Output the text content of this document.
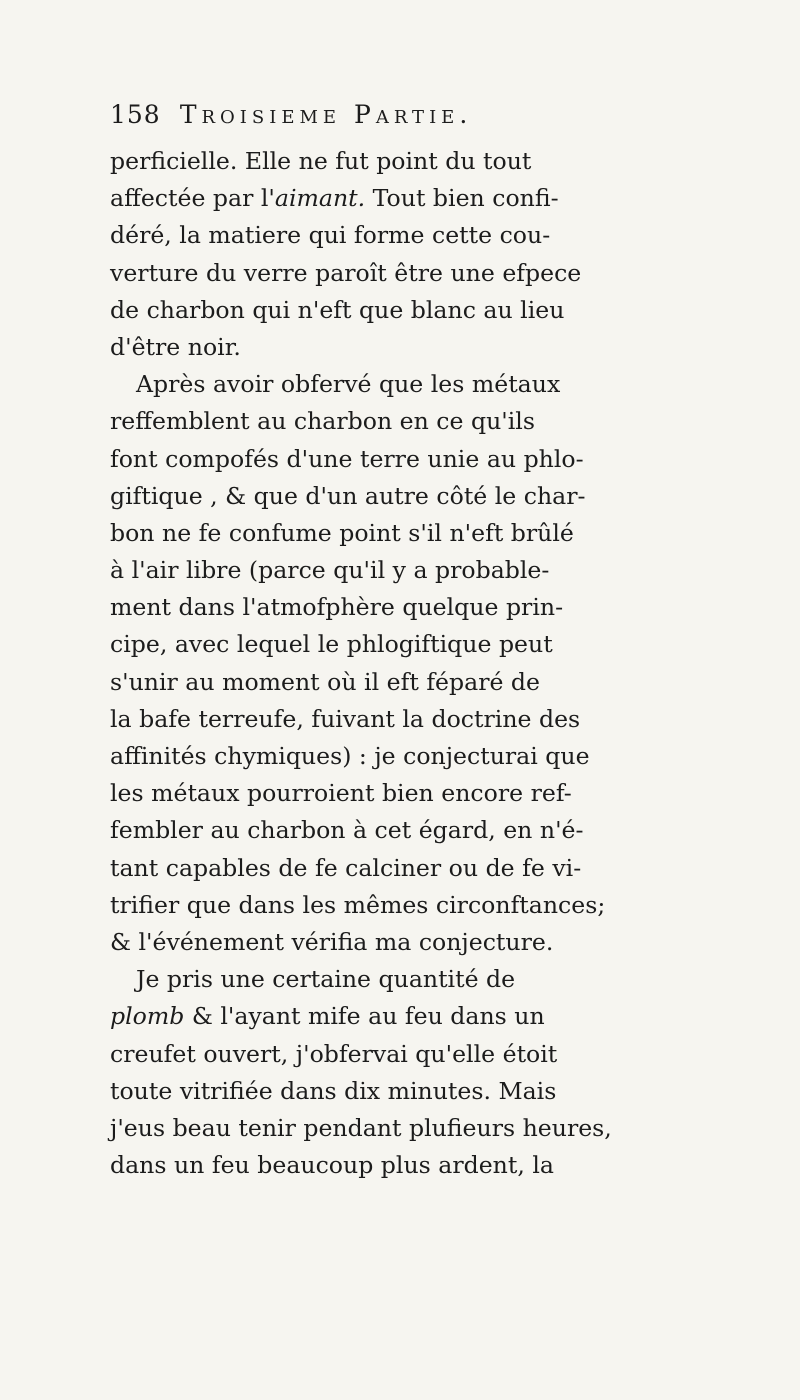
158 Troisieme Partie.
perficielle. Elle ne fut point du tout
affectée par l'aimant. Tout bien confi-
déré, la matiere qui forme cette cou-
verture du verre paroît être une efpece
de charbon qui n'eft que blanc au lieu
d'être noir.
Après avoir obfervé que les métaux
reffemblent au charbon en ce qu'ils
font compofés d'une terre unie au phlo-
giftique , & que d'un autre côté le char-
bon ne fe confume point s'il n'eft brûlé
à l'air libre (parce qu'il y a probable-
ment dans l'atmofphère quelque prin-
cipe, avec lequel le phlogiftique peut
s'unir au moment où il eft féparé de
la bafe terreufe, fuivant la doctrine des
affinités chymiques) : je conjecturai que
les métaux pourroient bien encore ref-
fembler au charbon à cet égard, en n'é-
tant capables de fe calciner ou de fe vi-
trifier que dans les mêmes circonftances;
& l'événement vérifia ma conjecture.
Je pris une certaine quantité de
plomb & l'ayant mife au feu dans un
creufet ouvert, j'obfervai qu'elle étoit
toute vitrifiée dans dix minutes. Mais
j'eus beau tenir pendant plufieurs heures,
dans un feu beaucoup plus ardent, la
